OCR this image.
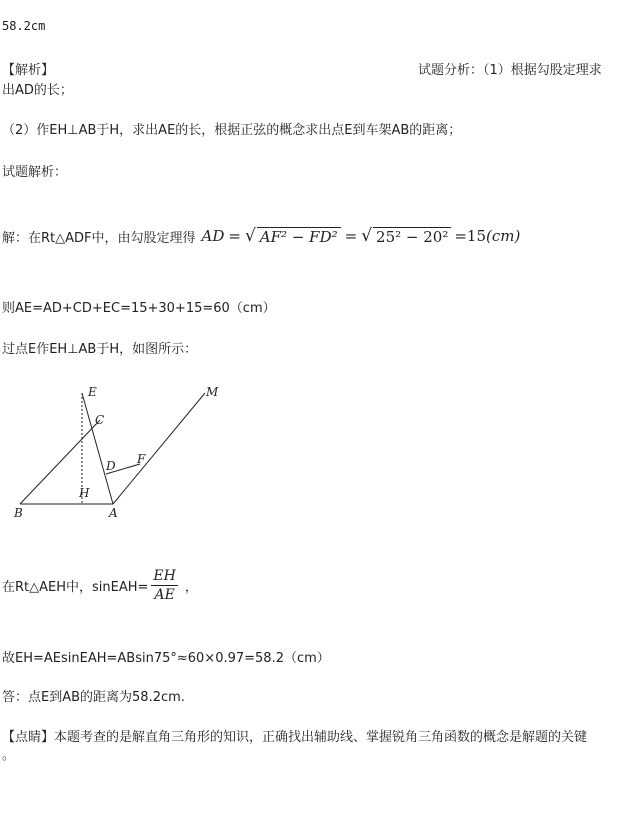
58.2cm
【解析】	试题分析：（1）根据勾股定理求
出AD的长；
（2）作EH⊥AB于H，求出AE的长，根据正弦的概念求出点E到车架AB的距离；
试题解析：
解：在Rt△ADF中，由勾股定理得 AD = √ AF² − FD² = √ 25² − 20² =15 (cm)
则AE=AD+CD+EC=15+30+15=60（cm）
过点E作EH⊥AB于H，如图所示：
E	M
C
D F
H
B	A
在Rt△AEH中，sinEAH= $\frac{EH}{AE}$ ，
故EH=AEsinEAH=ABsin75°≈60×0.97=58.2（cm）
答：点E到AB的距离为58.2cm.
【点睛】本题考查的是解直角三角形的知识，正确找出辅助线、掌握锐角三角函数的概念是解题的关键
。
